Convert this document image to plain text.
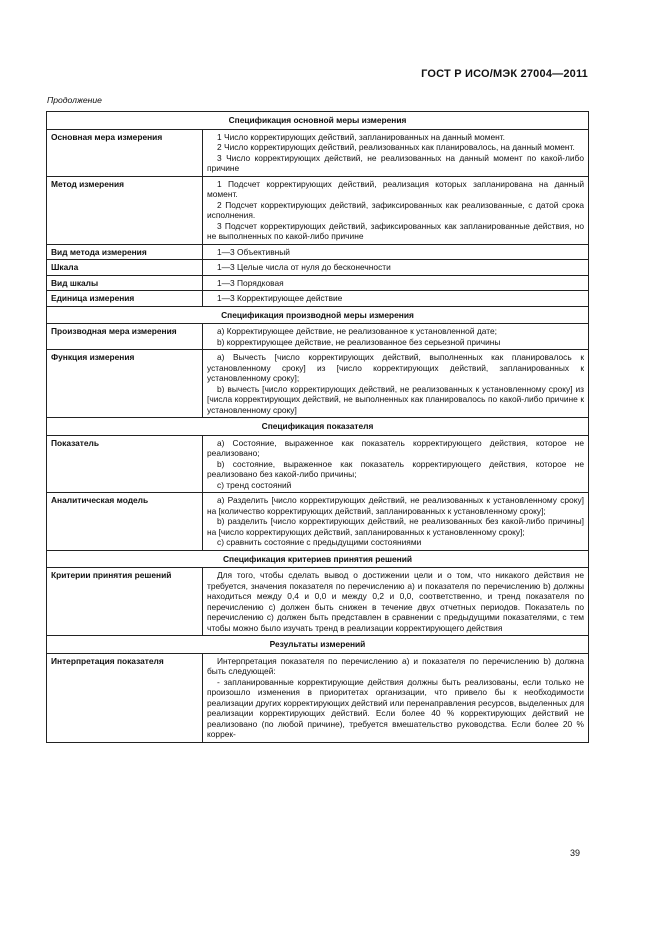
ГОСТ Р ИСО/МЭК 27004—2011
Продолжение
Спецификация основной меры измерения	
Основная мера измерения	1 Число корректирующих действий, запланированных на данный момент.
2 Число корректирующих действий, реализованных как планировалось, на данный момент.
3 Число корректирующих действий, не реализованных на данный момент по какой-либо причине

Метод измерения	1 Подсчет корректирующих действий, реализация которых запланирована на данный момент.
2 Подсчет корректирующих действий, зафиксированных как реализованные, с датой срока исполнения.
3 Подсчет корректирующих действий, зафиксированных как запланированные действия, но не выполненных по какой-либо причине

Вид метода измерения	1—3 Объективный

Шкала	1—3 Целые числа от нуля до бесконечности

Вид шкалы	1—3 Порядковая

Единица измерения	1—3 Корректирующее действие

Спецификация производной меры измерения	
Производная мера измерения	a) Корректирующее действие, не реализованное к установленной дате;
b) корректирующее действие, не реализованное без серьезной причины

Функция измерения	a) Вычесть [число корректирующих действий, выполненных как планировалось к установленному сроку] из [число корректирующих действий, запланированных к установленному сроку];
b) вычесть [число корректирующих действий, не реализованных к установленному сроку] из [числа корректирующих действий, не выполненных как планировалось по какой-либо причине к установленному сроку]

Спецификация показателя	
Показатель	a) Состояние, выраженное как показатель корректирующего действия, которое не реализовано;
b) состояние, выраженное как показатель корректирующего действия, которое не реализовано без какой-либо причины;
c) тренд состояний

Аналитическая модель	a) Разделить [число корректирующих действий, не реализованных к установленному сроку] на [количество корректирующих действий, запланированных к установленному сроку];
b) разделить [число корректирующих действий, не реализованных без какой-либо причины] на [число корректирующих действий, запланированных к установленному сроку];
c) сравнить состояние с предыдущими состояниями

Спецификация критериев принятия решений	
Критерии принятия решений	Для того, чтобы сделать вывод о достижении цели и о том, что никакого действия не требуется, значения показателя по перечислению а) и показателя по перечислению b) должны находиться между 0,4 и 0,0 и между 0,2 и 0,0, соответственно, и тренд показателя по перечислению с) должен быть снижен в течение двух отчетных периодов. Показатель по перечислению с) должен быть представлен в сравнении с предыдущими показателями, с тем чтобы можно было изучать тренд в реализации корректирующего действия

Результаты измерений	
Интерпретация показателя	Интерпретация показателя по перечислению а) и показателя по перечислению b) должна быть следующей:
- запланированные корректирующие действия должны быть реализованы, если только не произошло изменения в приоритетах организации, что привело бы к необходимости реализации других корректирующих действий или перенаправления ресурсов, выделенных для реализации корректирующих действий. Если более 40 % корректирующих действий не реализовано (по любой причине), требуется вмешательство руководства. Если более 20 % коррек-
39
